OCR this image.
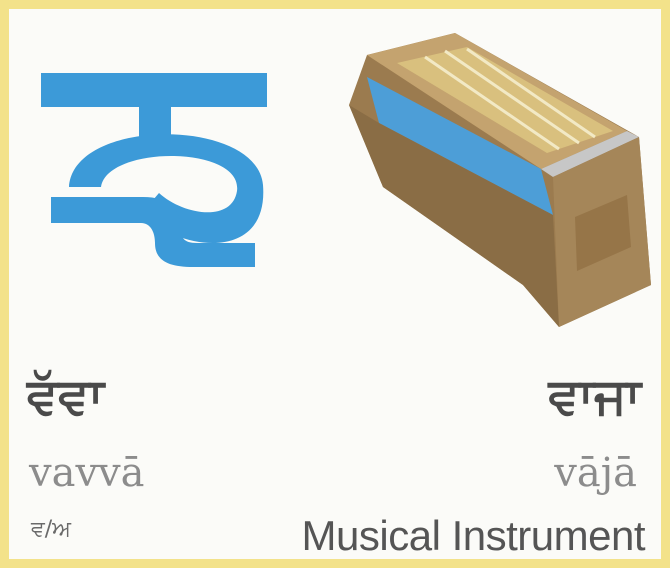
ਵੱਵਾ	ਵਾਜਾ
vavvā	vājā
ਵ/ਅ	Musical Instrument
